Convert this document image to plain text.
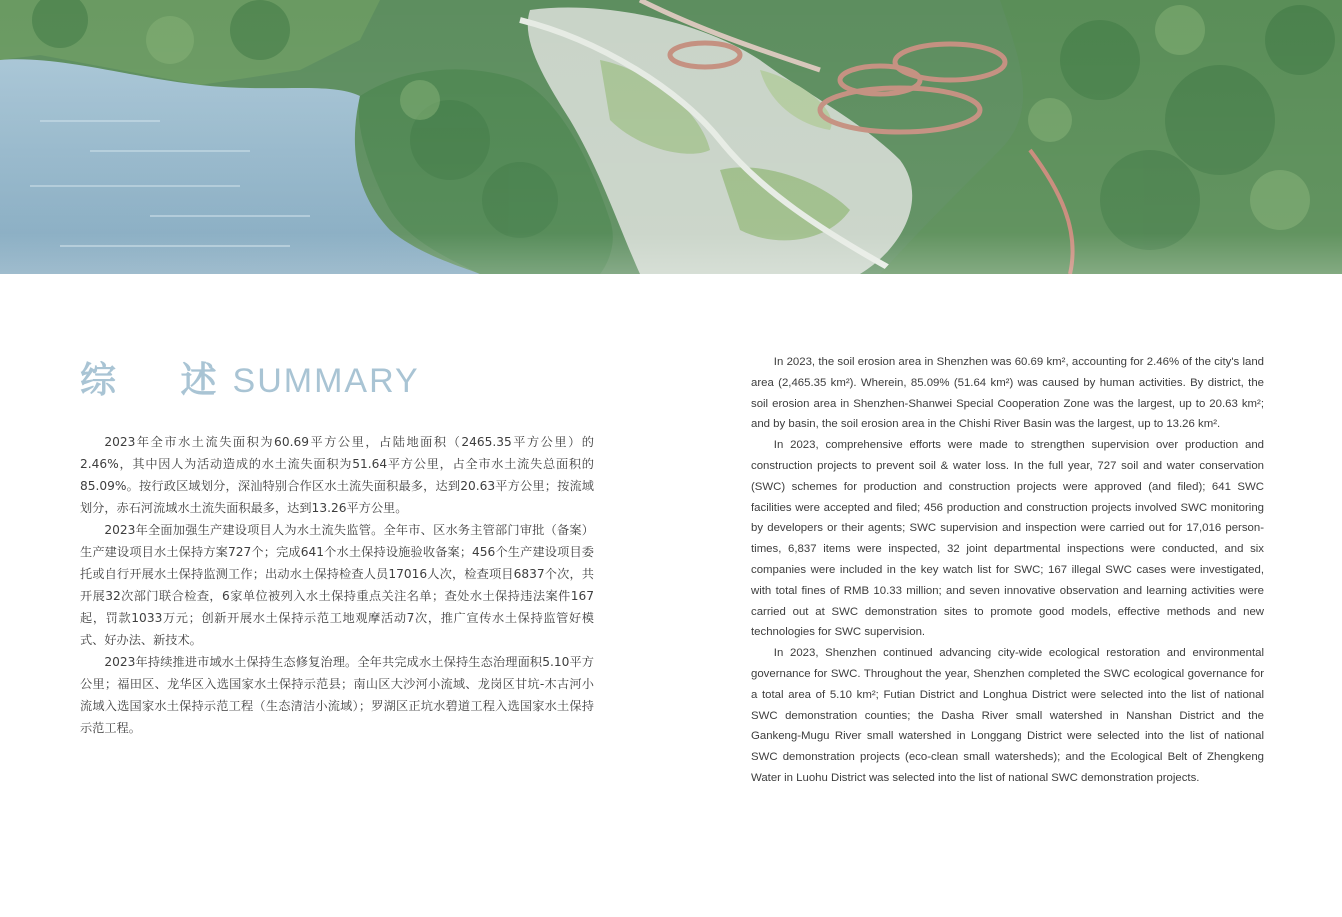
综 述
SUMMARY

2023年全市水土流失面积为60.69平方公里，占陆地面积（2465.35平方公里）的2.46%，其中因人为活动造成的水土流失面积为51.64平方公里，占全市水土流失总面积的85.09%。按行政区域划分，深汕特别合作区水土流失面积最多，达到20.63平方公里；按流域划分，赤石河流域水土流失面积最多，达到13.26平方公里。

2023年全面加强生产建设项目人为水土流失监管。全年市、区水务主管部门审批（备案）生产建设项目水土保持方案727个；完成641个水土保持设施验收备案；456个生产建设项目委托或自行开展水土保持监测工作；出动水土保持检查人员17016人次，检查项目6837个次，共开展32次部门联合检查，6家单位被列入水土保持重点关注名单；查处水土保持违法案件167起，罚款1033万元；创新开展水土保持示范工地观摩活动7次，推广宣传水土保持监管好模式、好办法、新技术。

2023年持续推进市域水土保持生态修复治理。全年共完成水土保持生态治理面积5.10平方公里；福田区、龙华区入选国家水土保持示范县；南山区大沙河小流域、龙岗区甘坑-木古河小流域入选国家水土保持示范工程（生态清洁小流域）；罗湖区正坑水碧道工程入选国家水土保持示范工程。

In 2023, the soil erosion area in Shenzhen was 60.69 km², accounting for 2.46% of the city's land area (2,465.35 km²). Wherein, 85.09% (51.64 km²) was caused by human activities. By district, the soil erosion area in Shenzhen-Shanwei Special Cooperation Zone was the largest, up to 20.63 km²; and by basin, the soil erosion area in the Chishi River Basin was the largest, up to 13.26 km².

In 2023, comprehensive efforts were made to strengthen supervision over production and construction projects to prevent soil & water loss. In the full year, 727 soil and water conservation (SWC) schemes for production and construction projects were approved (and filed); 641 SWC facilities were accepted and filed; 456 production and construction projects involved SWC monitoring by developers or their agents; SWC supervision and inspection were carried out for 17,016 person-times, 6,837 items were inspected, 32 joint departmental inspections were conducted, and six companies were included in the key watch list for SWC; 167 illegal SWC cases were investigated, with total fines of RMB 10.33 million; and seven innovative observation and learning activities were carried out at SWC demonstration sites to promote good models, effective methods and new technologies for SWC supervision.

In 2023, Shenzhen continued advancing city-wide ecological restoration and environmental governance for SWC. Throughout the year, Shenzhen completed the SWC ecological governance for a total area of 5.10 km²; Futian District and Longhua District were selected into the list of national SWC demonstration counties; the Dasha River small watershed in Nanshan District and the Gankeng-Mugu River small watershed in Longgang District were selected into the list of national SWC demonstration projects (eco-clean small watersheds); and the Ecological Belt of Zhengkeng Water in Luohu District was selected into the list of national SWC demonstration projects.
